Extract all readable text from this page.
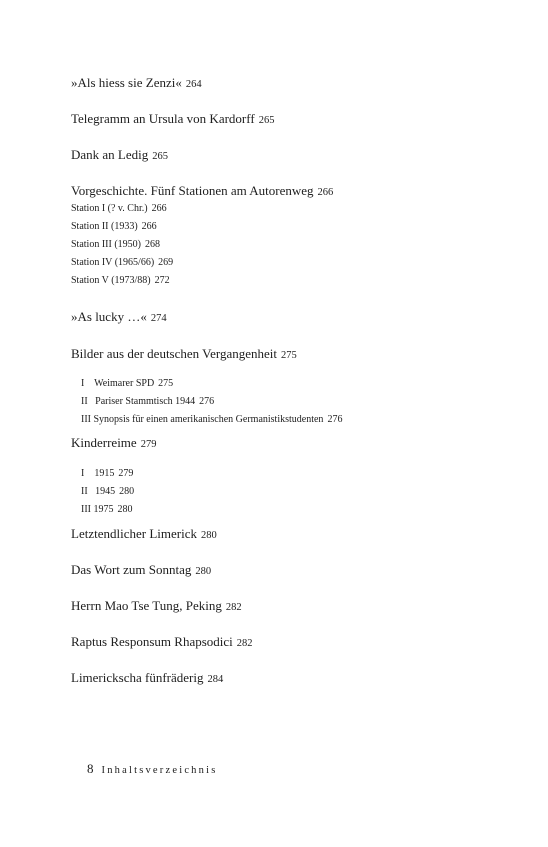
»Als hiess sie Zenzi« 264
Telegramm an Ursula von Kardorff 265
Dank an Ledig 265
Vorgeschichte. Fünf Stationen am Autorenweg 266
Station I (? v. Chr.) 266
Station II (1933) 266
Station III (1950) 268
Station IV (1965/66) 269
Station V (1973/88) 272
»As lucky …« 274
Bilder aus der deutschen Vergangenheit 275

I    Weimarer SPD 275

II   Pariser Stammtisch 1944 276

III Synopsis für einen amerikanischen Germanistikstudenten 276

Kinderreime 279

I    1915 279

II   1945 280

III 1975 280

Letztendlicher Limerick 280
Das Wort zum Sonntag 280
Herrn Mao Tse Tung, Peking 282
Raptus Responsum Rhapsodici 282
Limerickscha fünfräderig 284
8 Inhaltsverzeichnis
